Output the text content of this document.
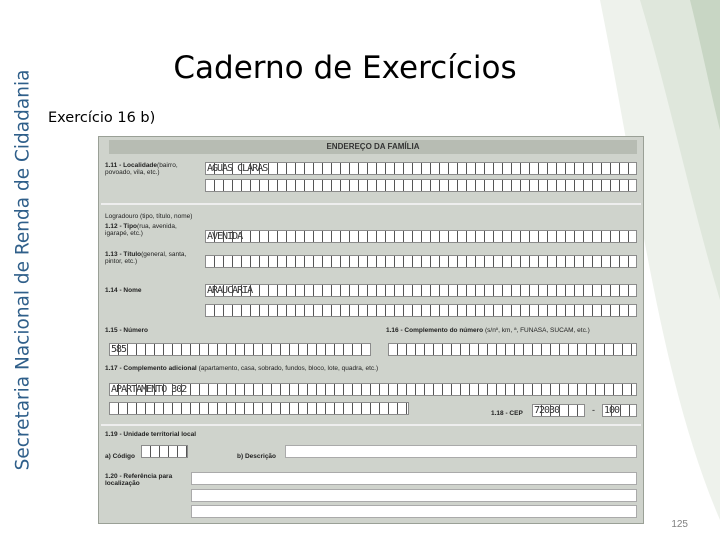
Secretaria Nacional de Renda de Cidadania
Caderno de Exercícios
Exercício 16 b)
ENDEREÇO DA FAMÍLIA
1.11 - Localidade(bairro, povoado, vila, etc.)	AGUAS CLARAS
Logradouro (tipo, título, nome)
1.12 - Tipo(rua, avenida, igarapé, etc.)	AVENIDA
1.13 - Título(general, santa, pintor, etc.)
1.14 - Nome	ARAUCARIA
1.15 - Número	1.16 - Complemento do número (s/nº, km, ª, FUNASA, SUCAM, etc.)
585
1.17 - Complemento adicional (apartamento, casa, sobrado, fundos, bloco, lote, quadra, etc.)
APARTAMENTO 302
1.18 - CEP 72030	- 100
1.19 - Unidade territorial local
a) Código	b) Descrição
1.20 - Referência para localização
125
